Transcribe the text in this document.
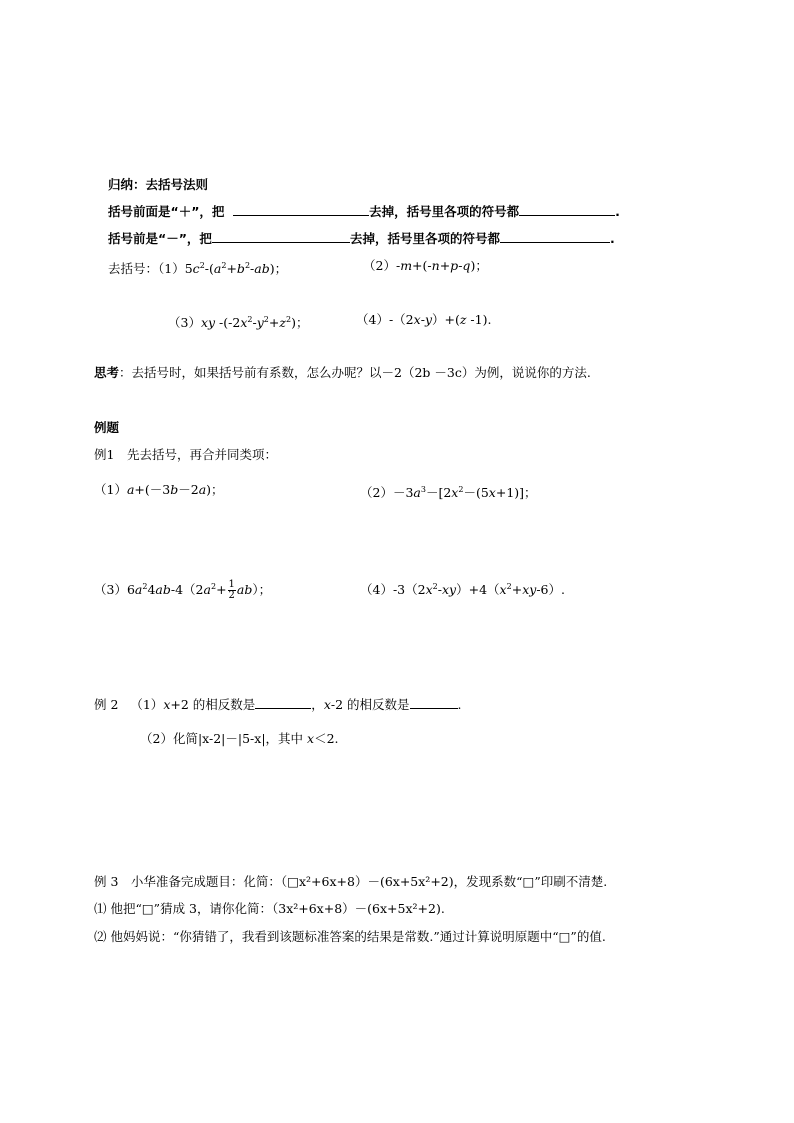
归纳：去括号法则
括号前面是“＋”，把	去掉，括号里各项的符号都	.
括号前是“－”，把	去掉，括号里各项的符号都	.
去括号：$(1)5c^2-(a^2+b^2-ab)$；	（2）-m+(-n+p-q)；
（3）xy $-(-2x^2-y^2+z^2)$；	（4）-（2x-y）+(z -1).
思考：去括号时，如果括号前有系数，怎么办呢？以－2（2b －3c）为例，说说你的方法.
例题
例1　先去括号，再合并同类项：
（1）a+(－3b－2a)；	$(2)-3a^3-[2x^2-(5x+1)]$；
$(3)6a^24ab-4(2a^2+ \frac{1}{2} ab)$；	$(4)-3(2x^2-xy)+4(x^2+xy-6)$.
例 2   （1）x+2 的相反数是	，x-2 的相反数是	.
（2）化简|x-2|－|5-x|，其中 x＜2.
例 3　小华准备完成题目：化简：（□x²+6x+8）－(6x+5x²+2)，发现系数“□”印刷不清楚.
⑴ 他把“□”猜成 3，请你化简：（3x²+6x+8）－(6x+5x²+2).
⑵ 他妈妈说：“你猜错了，我看到该题标准答案的结果是常数.”通过计算说明原题中“□”的值.
